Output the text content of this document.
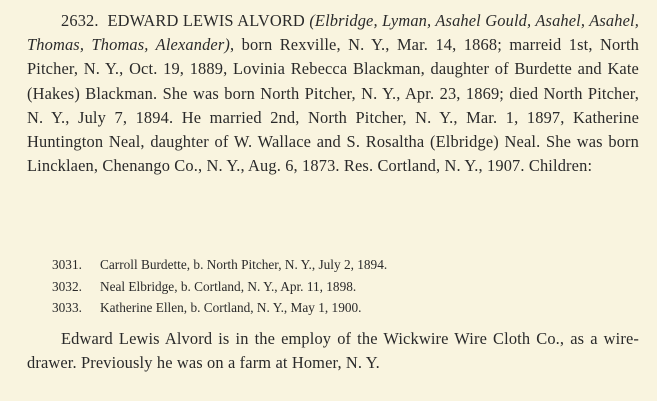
2632. EDWARD LEWIS ALVORD (Elbridge, Lyman, Asahel Gould, Asahel, Asahel, Thomas, Thomas, Alexander), born Rexville, N. Y., Mar. 14, 1868; marreid 1st, North Pitcher, N. Y., Oct. 19, 1889, Lovinia Rebecca Blackman, daughter of Burdette and Kate (Hakes) Blackman. She was born North Pitcher, N. Y., Apr. 23, 1869; died North Pitcher, N. Y., July 7, 1894. He married 2nd, North Pitcher, N. Y., Mar. 1, 1897, Katherine Huntington Neal, daughter of W. Wallace and S. Rosaltha (Elbridge) Neal. She was born Lincklaen, Chenango Co., N. Y., Aug. 6, 1873. Res. Cortland, N. Y., 1907. Children:

3031.	Carroll Burdette, b. North Pitcher, N. Y., July 2, 1894.
3032.	Neal Elbridge, b. Cortland, N. Y., Apr. 11, 1898.
3033.	Katherine Ellen, b. Cortland, N. Y., May 1, 1900.

Edward Lewis Alvord is in the employ of the Wickwire Wire Cloth Co., as a wire-drawer. Previously he was on a farm at Homer, N. Y.
